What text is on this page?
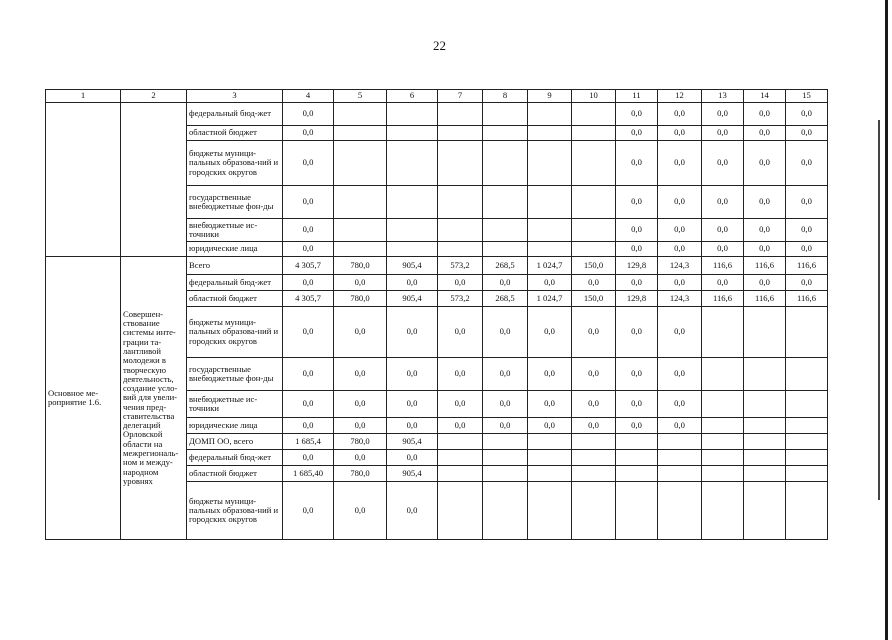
22
1	2	3	4	5	6	7	8	9	10	11	12	13	14	15
		федеральный бюд-жет	0,0							0,0	0,0	0,0	0,0	0,0
		областной бюджет	0,0							0,0	0,0	0,0	0,0	0,0
		бюджеты муници-пальных образова-ний и городских округов	0,0							0,0	0,0	0,0	0,0	0,0
		государственные внебюджетные фон-ды	0,0							0,0	0,0	0,0	0,0	0,0
		внебюджетные ис-точники	0,0							0,0	0,0	0,0	0,0	0,0
		юридические лица	0,0							0,0	0,0	0,0	0,0	0,0
Основное ме-роприятие 1.6.	Совершен-ствование системы инте-грации та-лантливой молодежи в творческую деятельность, создание усло-вий для увели-чения пред-ставительства делегаций Орловской области на межрегиональ-ном и между-народном уровнях	Всего	4 305,7	780,0	905,4	573,2	268,5	1 024,7	150,0	129,8	124,3	116,6	116,6	116,6
		федеральный бюд-жет	0,0	0,0	0,0	0,0	0,0	0,0	0,0	0,0	0,0	0,0	0,0	0,0
		областной бюджет	4 305,7	780,0	905,4	573,2	268,5	1 024,7	150,0	129,8	124,3	116,6	116,6	116,6
		бюджеты муници-пальных образова-ний и городских округов	0,0	0,0	0,0	0,0	0,0	0,0	0,0	0,0	0,0			
		государственные внебюджетные фон-ды	0,0	0,0	0,0	0,0	0,0	0,0	0,0	0,0	0,0			
		внебюджетные ис-точники	0,0	0,0	0,0	0,0	0,0	0,0	0,0	0,0	0,0			
		юридические лица	0,0	0,0	0,0	0,0	0,0	0,0	0,0	0,0	0,0			
		ДОМП ОО, всего	1 685,4	780,0	905,4									
		федеральный бюд-жет	0,0	0,0	0,0									
		областной бюджет	1 685,40	780,0	905,4									
		бюджеты муници-пальных образова-ний и городских округов	0,0	0,0	0,0									
